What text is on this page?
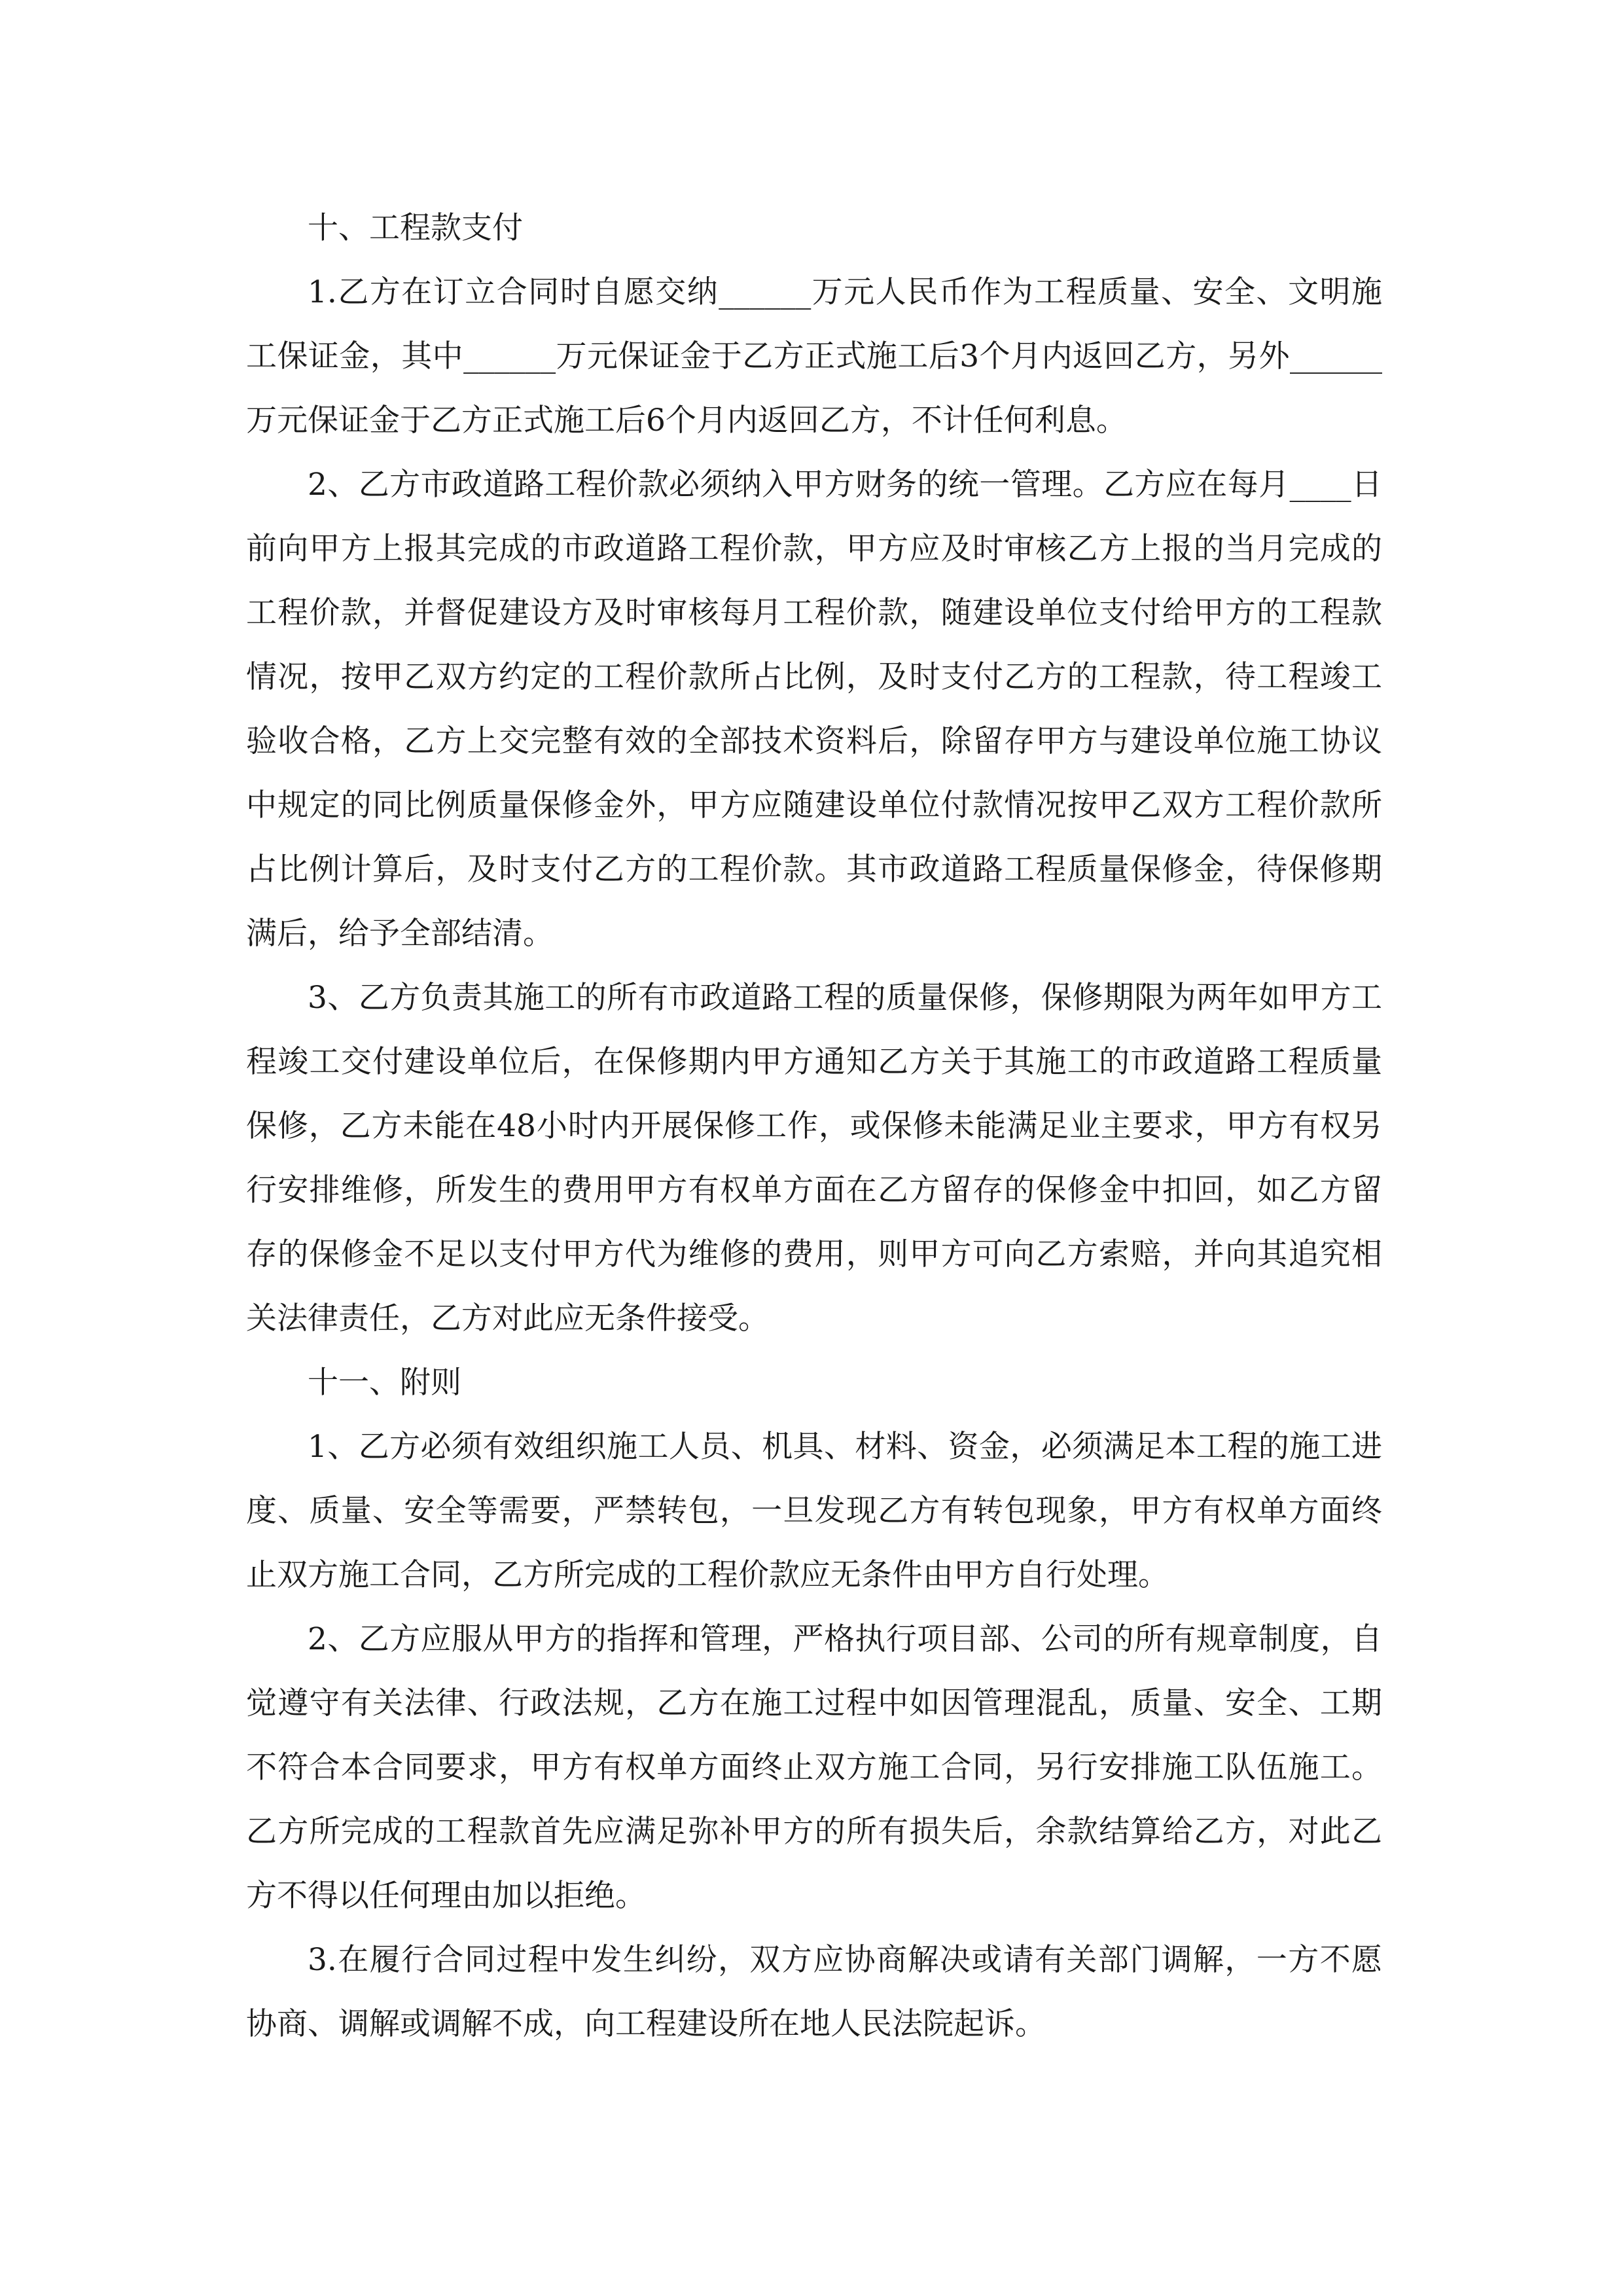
十、工程款支付

1.乙方在订立合同时自愿交纳______万元人民币作为工程质量、安全、文明施工保证金，其中______万元保证金于乙方正式施工后3个月内返回乙方，另外______万元保证金于乙方正式施工后6个月内返回乙方，不计任何利息。

2、乙方市政道路工程价款必须纳入甲方财务的统一管理。乙方应在每月____日前向甲方上报其完成的市政道路工程价款，甲方应及时审核乙方上报的当月完成的工程价款，并督促建设方及时审核每月工程价款，随建设单位支付给甲方的工程款情况，按甲乙双方约定的工程价款所占比例，及时支付乙方的工程款，待工程竣工验收合格，乙方上交完整有效的全部技术资料后，除留存甲方与建设单位施工协议中规定的同比例质量保修金外，甲方应随建设单位付款情况按甲乙双方工程价款所占比例计算后，及时支付乙方的工程价款。其市政道路工程质量保修金，待保修期满后，给予全部结清。

3、乙方负责其施工的所有市政道路工程的质量保修，保修期限为两年如甲方工程竣工交付建设单位后，在保修期内甲方通知乙方关于其施工的市政道路工程质量保修，乙方未能在48小时内开展保修工作，或保修未能满足业主要求，甲方有权另行安排维修，所发生的费用甲方有权单方面在乙方留存的保修金中扣回，如乙方留存的保修金不足以支付甲方代为维修的费用，则甲方可向乙方索赔，并向其追究相关法律责任，乙方对此应无条件接受。

十一、附则

1、乙方必须有效组织施工人员、机具、材料、资金，必须满足本工程的施工进度、质量、安全等需要，严禁转包，一旦发现乙方有转包现象，甲方有权单方面终止双方施工合同，乙方所完成的工程价款应无条件由甲方自行处理。

2、乙方应服从甲方的指挥和管理，严格执行项目部、公司的所有规章制度，自觉遵守有关法律、行政法规，乙方在施工过程中如因管理混乱，质量、安全、工期不符合本合同要求，甲方有权单方面终止双方施工合同，另行安排施工队伍施工。乙方所完成的工程款首先应满足弥补甲方的所有损失后，余款结算给乙方，对此乙方不得以任何理由加以拒绝。

3.在履行合同过程中发生纠纷，双方应协商解决或请有关部门调解，一方不愿协商、调解或调解不成，向工程建设所在地人民法院起诉。
